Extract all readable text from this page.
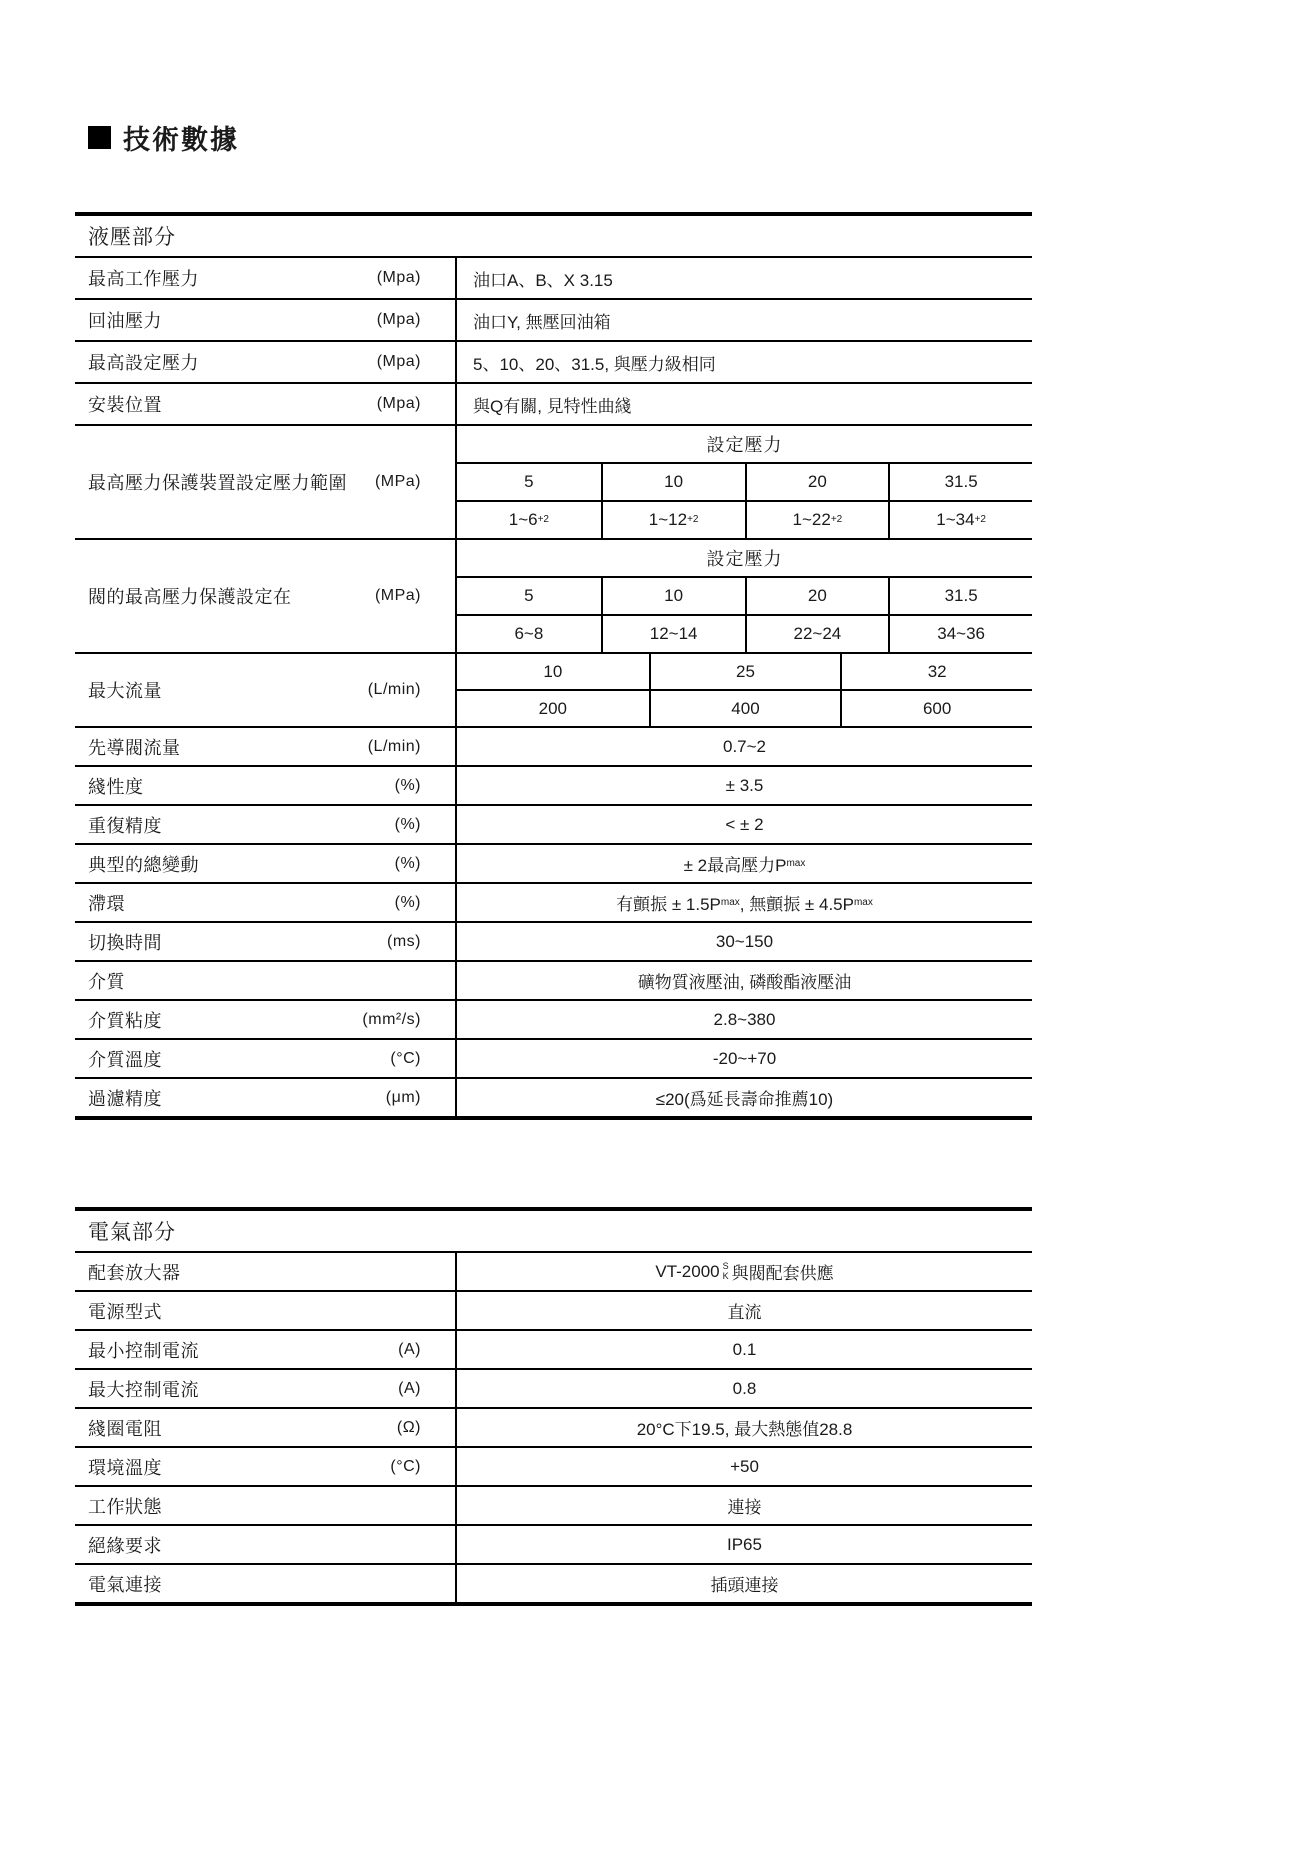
技術數據
液壓部分
最高工作壓力	(Mpa)	油口A、B、X 3.15
回油壓力	(Mpa)	油口Y, 無壓回油箱
最高設定壓力	(Mpa)	5、10、20、31.5, 與壓力級相同
安裝位置	(Mpa)	與Q有關, 見特性曲綫
最高壓力保護裝置設定壓力範圍 (MPa)
設定壓力
5	10	20	31.5
1~6 +2	1~12 +2	1~22 +2	1~34 +2
閥的最高壓力保護設定在	(MPa)
設定壓力
5	10	20	31.5
6~8	12~14	22~24	34~36
最大流量	(L/min)
10	25	32
200	400	600
先導閥流量	(L/min)	0.7~2
綫性度	(%)	± 3.5
重復精度	(%)	< ± 2
典型的總變動	(%)	± 2最高壓力P max
滯環	(%)	有顫振 ± 1.5P max , 無顫振 ± 4.5P max
切換時間	(ms)	30~150
介質	礦物質液壓油, 磷酸酯液壓油
介質粘度	(mm²/s)	2.8~380
介質溫度	(°C)	-20~+70
過濾精度	(μm)	≤20(爲延長壽命推薦10)
電氣部分
配套放大器	VT-2000 S
K 與閥配套供應
電源型式	直流
最小控制電流	(A)	0.1
最大控制電流	(A)	0.8
綫圈電阻	(Ω)	20°C下19.5, 最大熱態值28.8
環境溫度	(°C)	+50
工作狀態	連接
絕緣要求	IP65
電氣連接	插頭連接
